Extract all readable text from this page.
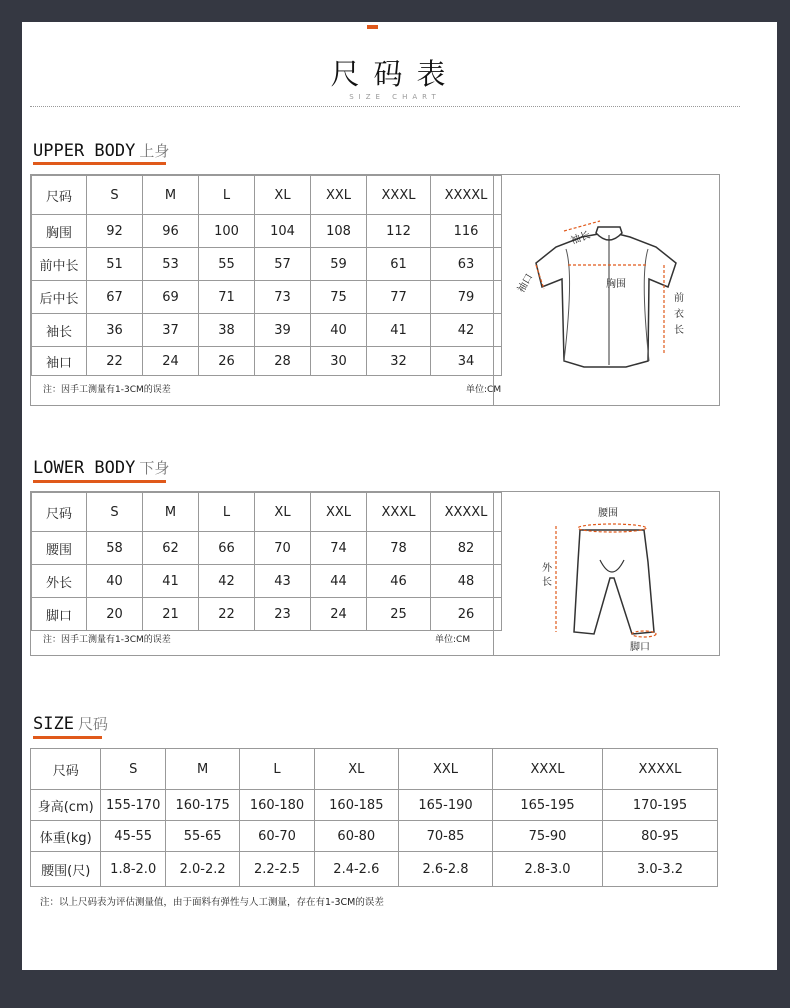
尺码表
SIZE CHART
UPPER BODY 上身
尺码	S	M	L	XL	XXL	XXXL	XXXXL
胸围	92	96	100	104	108	112	116
前中长	51	53	55	57	59	61	63
后中长	67	69	71	73	75	77	79
袖长	36	37	38	39	40	41	42
袖口	22	24	26	28	30	32	34
注：因手工测量有1-3CM的误差	单位:CM
袖长
袖口	胸围
前衣长
LOWER BODY 下身
尺码	S	M	L	XL	XXL	XXXL	XXXXL
腰围	58	62	66	70	74	78	82
外长	40	41	42	43	44	46	48
脚口	20	21	22	23	24	25	26
注：因手工测量有1-3CM的误差	单位:CM
腰围
外长
脚口
SIZE 尺码
尺码	S	M	L	XL	XXL	XXXL	XXXXL
身高(cm)	155-170	160-175	160-180	160-185	165-190	165-195	170-195
体重(kg)	45-55	55-65	60-70	60-80	70-85	75-90	80-95
腰围(尺)	1.8-2.0	2.0-2.2	2.2-2.5	2.4-2.6	2.6-2.8	2.8-3.0	3.0-3.2
注：以上尺码表为评估测量值，由于面料有弹性与人工测量，存在有1-3CM的误差
